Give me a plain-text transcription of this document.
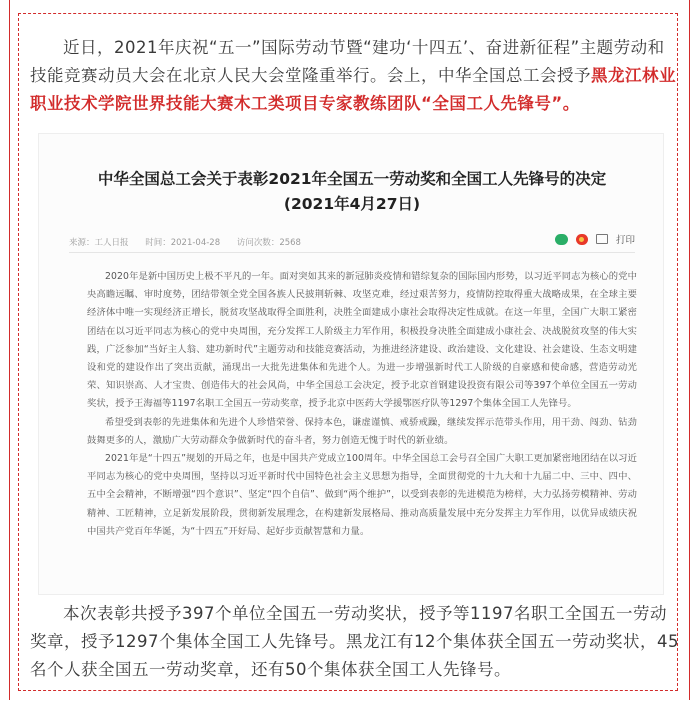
近日，2021年庆祝“五一”国际劳动节暨“建功‘十四五’、奋进新征程”主题劳动和技能竞赛动员大会在北京人民大会堂隆重举行。会上，中华全国总工会授予黑龙江林业职业技术学院世界技能大赛木工类项目专家教练团队“全国工人先锋号”。
中华全国总工会关于表彰2021年全国五一劳动奖和全国工人先锋号的决定
(2021年4月27日)
来源：工人日报 时间：2021-04-28 访问次数：2568	打印

2020年是新中国历史上极不平凡的一年。面对突如其来的新冠肺炎疫情和错综复杂的国际国内形势，以习近平同志为核心的党中央高瞻远瞩、审时度势，团结带领全党全国各族人民披荆斩棘、攻坚克难，经过艰苦努力，疫情防控取得重大战略成果，在全球主要经济体中唯一实现经济正增长，脱贫攻坚战取得全面胜利，决胜全面建成小康社会取得决定性成就。在这一年里，全国广大职工紧密团结在以习近平同志为核心的党中央周围，充分发挥工人阶级主力军作用，积极投身决胜全面建成小康社会、决战脱贫攻坚的伟大实践，广泛参加“当好主人翁、建功新时代”主题劳动和技能竞赛活动，为推进经济建设、政治建设、文化建设、社会建设、生态文明建设和党的建设作出了突出贡献，涌现出一大批先进集体和先进个人。为进一步增强新时代工人阶级的自豪感和使命感，营造劳动光荣、知识崇高、人才宝贵、创造伟大的社会风尚，中华全国总工会决定，授予北京首钢建设投资有限公司等397个单位全国五一劳动奖状，授予王海福等1197名职工全国五一劳动奖章，授予北京中医药大学援鄂医疗队等1297个集体全国工人先锋号。

希望受到表彰的先进集体和先进个人珍惜荣誉、保持本色，谦虚谨慎、戒骄戒躁，继续发挥示范带头作用，用干劲、闯劲、钻劲鼓舞更多的人，激励广大劳动群众争做新时代的奋斗者，努力创造无愧于时代的新业绩。

2021年是“十四五”规划的开局之年，也是中国共产党成立100周年。中华全国总工会号召全国广大职工更加紧密地团结在以习近平同志为核心的党中央周围，坚持以习近平新时代中国特色社会主义思想为指导，全面贯彻党的十九大和十九届二中、三中、四中、五中全会精神，不断增强“四个意识”、坚定“四个自信”、做到“两个维护”，以受到表彰的先进模范为榜样，大力弘扬劳模精神、劳动精神、工匠精神，立足新发展阶段，贯彻新发展理念，在构建新发展格局、推动高质量发展中充分发挥主力军作用，以优异成绩庆祝中国共产党百年华诞，为“十四五”开好局、起好步贡献智慧和力量。

本次表彰共授予397个单位全国五一劳动奖状，授予等1197名职工全国五一劳动奖章，授予1297个集体全国工人先锋号。黑龙江有12个集体获全国五一劳动奖状，45名个人获全国五一劳动奖章，还有50个集体获全国工人先锋号。
